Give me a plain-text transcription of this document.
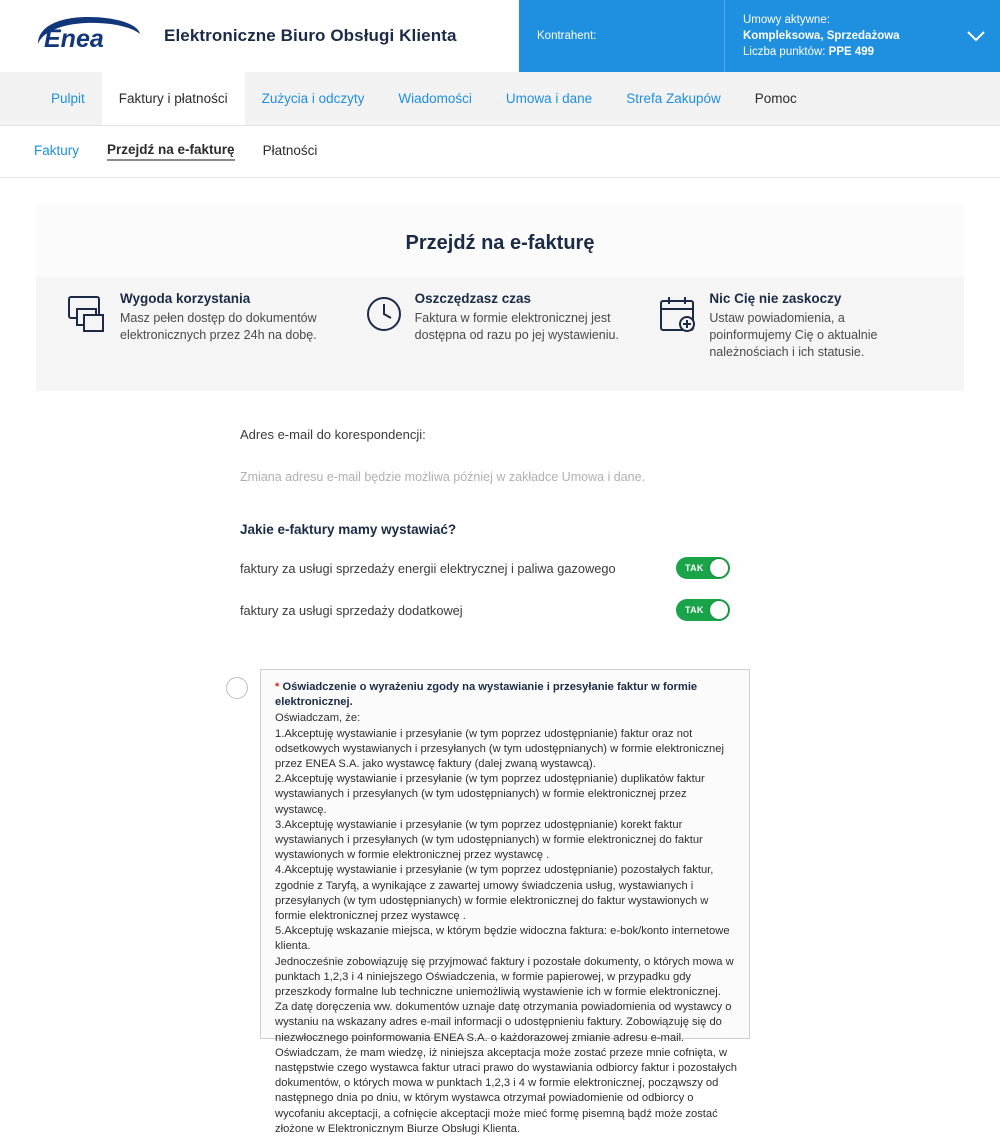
Enea	Elektroniczne Biuro Obsługi Klienta	Kontrahent:
Umowy aktywne:
Kompleksowa, Sprzedażowa
Liczba punktów: PPE 499
Pulpit	Faktury i płatności	Zużycia i odczyty	Wiadomości	Umowa i dane	Strefa Zakupów	Pomoc
Faktury Przejdź na e-fakturę Płatności
Przejdź na e-fakturę
Wygoda korzystania

Masz pełen dostęp do dokumentów elektronicznych przez 24h na dobę.

Oszczędzasz czas

Faktura w formie elektronicznej jest dostępna od razu po jej wystawieniu.

Nic Cię nie zaskoczy

Ustaw powiadomienia, a poinformujemy Cię o aktualnie należnościach i ich statusie.

Adres e-mail do korespondencji:
Zmiana adresu e-mail będzie możliwa później w zakładce Umowa i dane.
Jakie e-faktury mamy wystawiać?
faktury za usługi sprzedaży energii elektrycznej i paliwa gazowego	TAK
faktury za usługi sprzedaży dodatkowej	TAK

* Oświadczenie o wyrażeniu zgody na wystawianie i przesyłanie faktur w formie elektronicznej.

Oświadczam, że:

1.Akceptuję wystawianie i przesyłanie (w tym poprzez udostępnianie) faktur oraz not odsetkowych wystawianych i przesyłanych (w tym udostępnianych) w formie elektronicznej przez ENEA S.A. jako wystawcę faktury (dalej zwaną wystawcą).

2.Akceptuję wystawianie i przesyłanie (w tym poprzez udostępnianie) duplikatów faktur wystawianych i przesyłanych (w tym udostępnianych) w formie elektronicznej przez wystawcę.

3.Akceptuję wystawianie i przesyłanie (w tym poprzez udostępnianie) korekt faktur wystawianych i przesyłanych (w tym udostępnianych) w formie elektronicznej do faktur wystawionych w formie elektronicznej przez wystawcę .

4.Akceptuję wystawianie i przesyłanie (w tym poprzez udostępnianie) pozostałych faktur, zgodnie z Taryfą, a wynikające z zawartej umowy świadczenia usług, wystawianych i przesyłanych (w tym udostępnianych) w formie elektronicznej do faktur wystawionych w formie elektronicznej przez wystawcę .

5.Akceptuję wskazanie miejsca, w którym będzie widoczna faktura: e-bok/konto internetowe klienta.

Jednocześnie zobowiązuję się przyjmować faktury i pozostałe dokumenty, o których mowa w punktach 1,2,3 i 4 niniejszego Oświadczenia, w formie papierowej, w przypadku gdy przeszkody formalne lub techniczne uniemożliwią wystawienie ich w formie elektronicznej.

Za datę doręczenia ww. dokumentów uznaje datę otrzymania powiadomienia od wystawcy o wystaniu na wskazany adres e-mail informacji o udostępnieniu faktury. Zobowiązuję się do niezwłocznego poinformowania ENEA S.A. o każdorazowej zmianie adresu e-mail.

Oświadczam, że mam wiedzę, iż niniejsza akceptacja może zostać przeze mnie cofnięta, w następstwie czego wystawca faktur utraci prawo do wystawiania odbiorcy faktur i pozostałych dokumentów, o których mowa w punktach 1,2,3 i 4 w formie elektronicznej, począwszy od następnego dnia po dniu, w którym wystawca otrzymał powiadomienie od odbiorcy o wycofaniu akceptacji, a cofnięcie akceptacji może mieć formę pisemną bądź może zostać złożone w Elektronicznym Biurze Obsługi Klienta.
